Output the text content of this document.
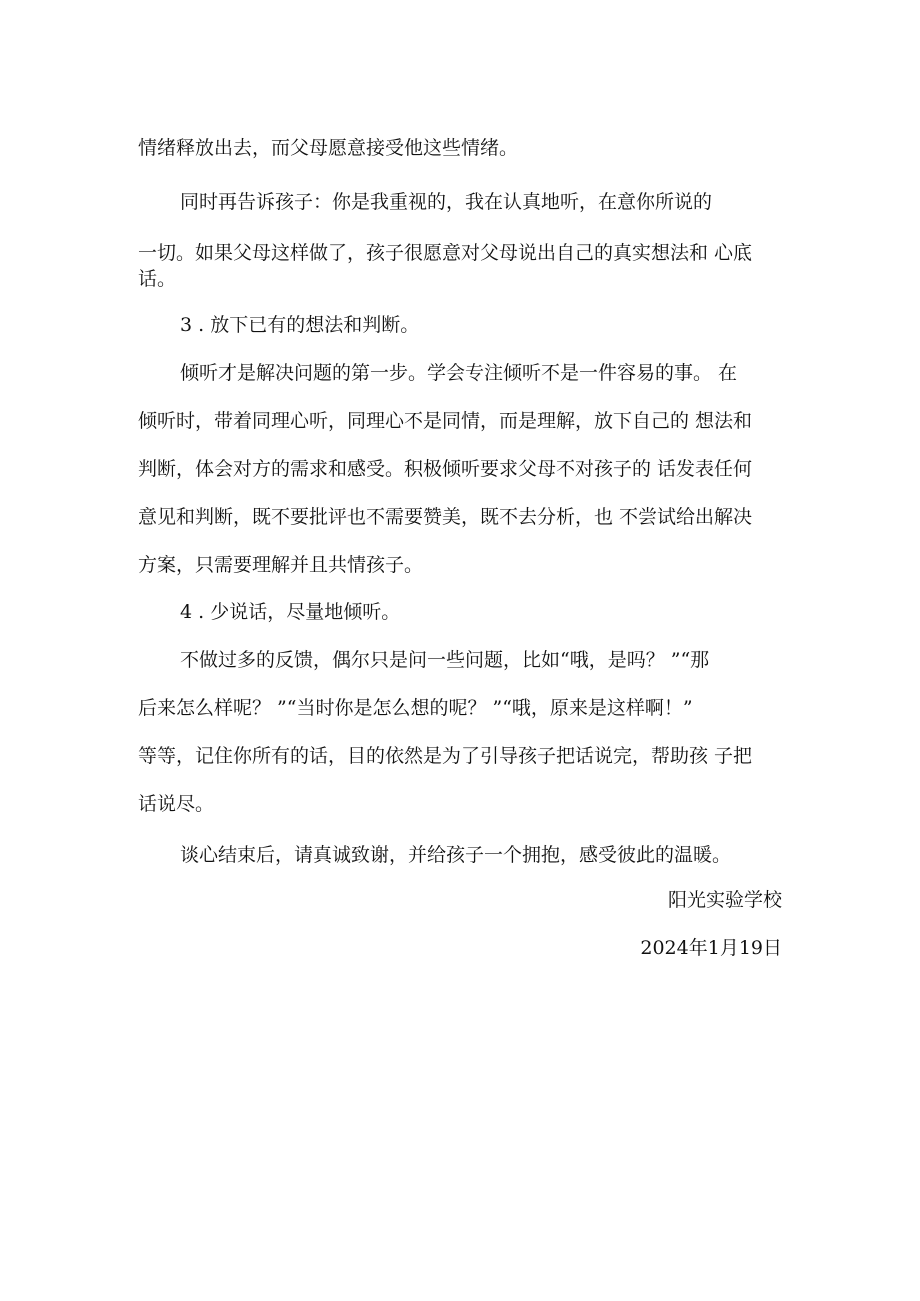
情绪释放出去，而父母愿意接受他这些情绪。
同时再告诉孩子：你是我重视的，我在认真地听，在意你所说的
一切。如果父母这样做了，孩子很愿意对父母说出自己的真实想法和 心底
话。
3 . 放下已有的想法和判断。
倾听才是解决问题的第一步。学会专注倾听不是一件容易的事。 在
倾听时，带着同理心听，同理心不是同情，而是理解，放下自己的 想法和
判断，体会对方的需求和感受。积极倾听要求父母不对孩子的 话发表任何
意见和判断，既不要批评也不需要赞美，既不去分析，也 不尝试给出解决
方案，只需要理解并且共情孩子。
4 . 少说话，尽量地倾听。
不做过多的反馈，偶尔只是问一些问题，比如“哦，是吗？ ”“那
后来怎么样呢？ ”“当时你是怎么想的呢？ ”“哦，原来是这样啊！”
等等，记住你所有的话，目的依然是为了引导孩子把话说完，帮助孩 子把
话说尽。
谈心结束后，请真诚致谢，并给孩子一个拥抱，感受彼此的温暖。
阳光实验学校
2024年1月19日
